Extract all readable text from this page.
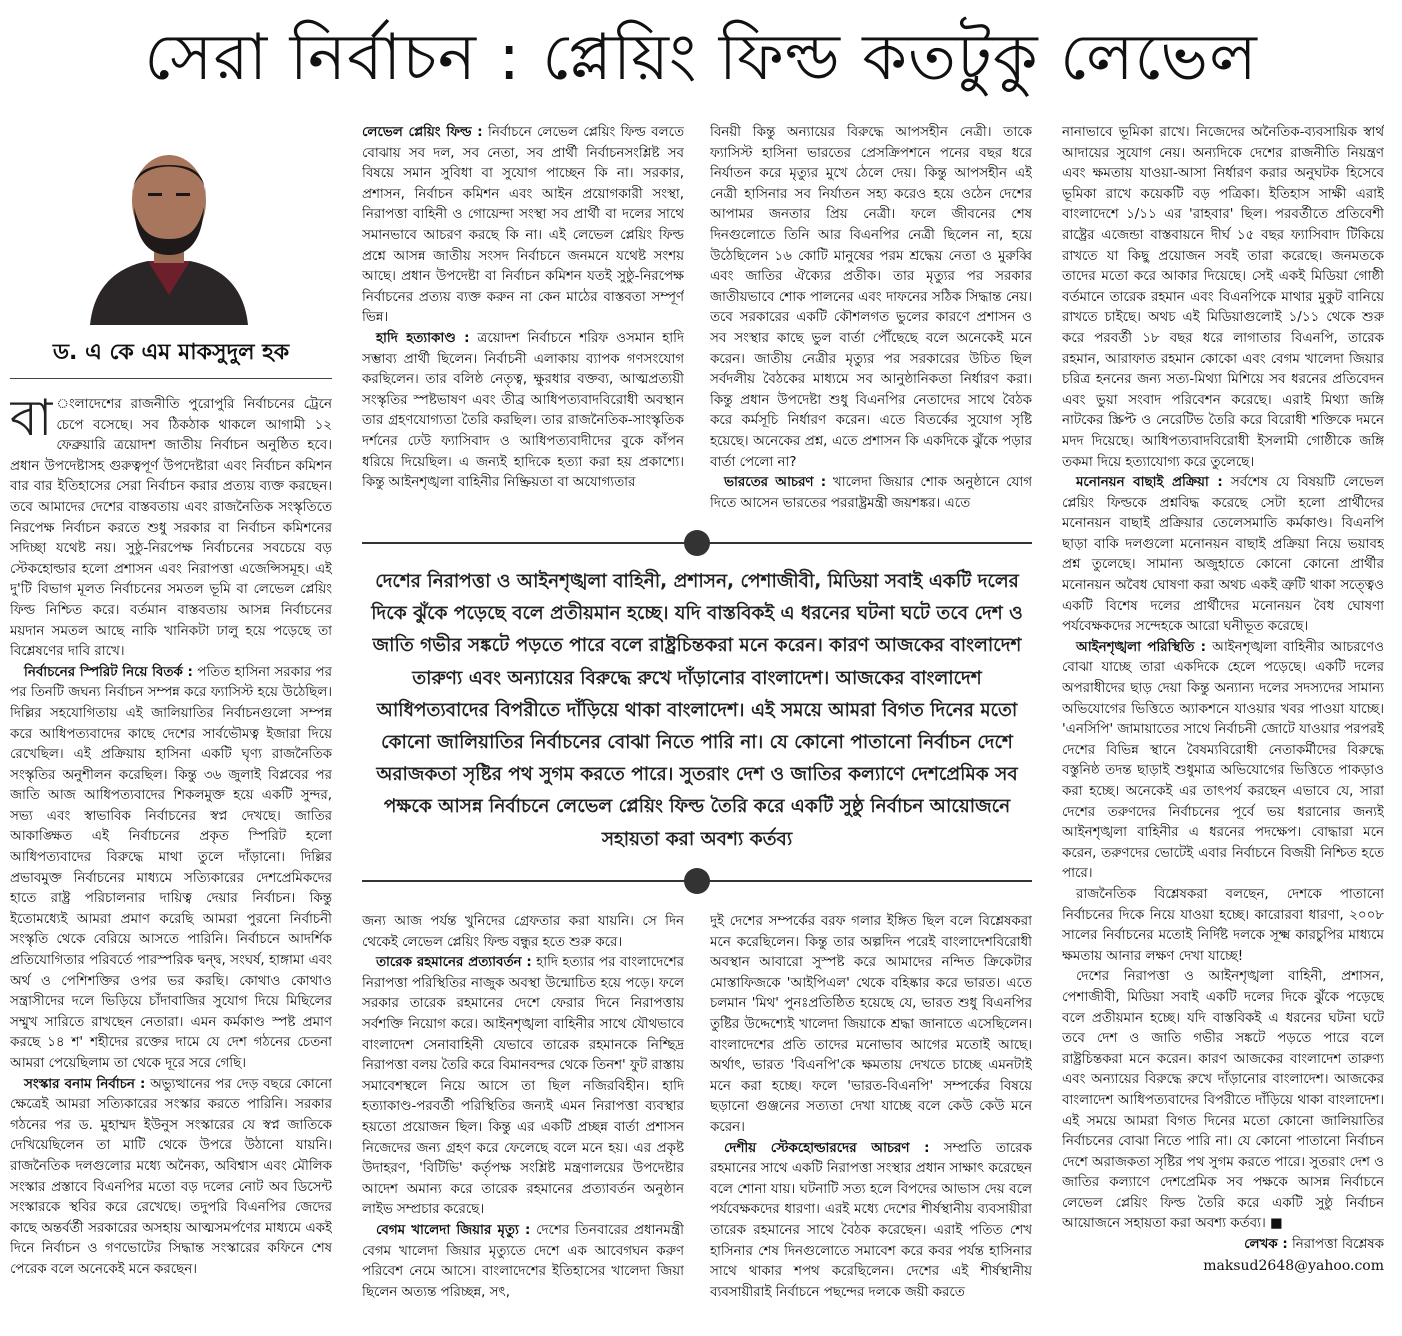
সেরা নির্বাচন : প্লেয়িং ফিল্ড কতটুকু লেভেল
ড. এ কে এম মাকসুদুল হক

বা ংলাদেশের রাজনীতি পুরোপুরি নির্বাচনের ট্রেনে চেপে বসেছে। সব ঠিকঠাক থাকলে আগামী ১২ ফেব্রুয়ারি ত্রয়োদশ জাতীয় নির্বাচন অনুষ্ঠিত হবে। প্রধান উপদেষ্টাসহ গুরুত্বপূর্ণ উপদেষ্টারা এবং নির্বাচন কমিশন বার বার ইতিহাসের সেরা নির্বাচন করার প্রত্যয় ব্যক্ত করছেন। তবে আমাদের দেশের বাস্তবতায় এবং রাজনৈতিক সংস্কৃতিতে নিরপেক্ষ নির্বাচন করতে শুধু সরকার বা নির্বাচন কমিশনের সদিচ্ছা যথেষ্ট নয়। সুষ্ঠু-নিরপেক্ষ নির্বাচনের সবচেয়ে বড় স্টেকহোল্ডার হলো প্রশাসন এবং নিরাপত্তা এজেন্সিসমূহ। এই দু'টি বিভাগ মূলত নির্বাচনের সমতল ভূমি বা লেভেল প্লেয়িং ফিল্ড নিশ্চিত করে। বর্তমান বাস্তবতায় আসন্ন নির্বাচনের ময়দান সমতল আছে নাকি খানিকটা ঢালু হয়ে পড়েছে তা বিশ্লেষণের দাবি রাখে।

নির্বাচনের স্পিরিট নিয়ে বিতর্ক : পতিত হাসিনা সরকার পর পর তিনটি জঘন্য নির্বাচন সম্পন্ন করে ফ্যাসিস্ট হয়ে উঠেছিল। দিল্লির সহযোগিতায় এই জালিয়াতির নির্বাচনগুলো সম্পন্ন করে আধিপত্যবাদের কাছে দেশের সার্বভৌমত্ব ইজারা দিয়ে রেখেছিল। এই প্রক্রিয়ায় হাসিনা একটি ঘৃণ্য রাজনৈতিক সংস্কৃতির অনুশীলন করেছিল। কিন্তু ৩৬ জুলাই বিপ্লবের পর জাতি আজ আধিপত্যবাদের শিকলমুক্ত হয়ে একটি সুন্দর, সভ্য এবং স্বাভাবিক নির্বাচনের স্বপ্ন দেখছে। জাতির আকাঙ্ক্ষিত এই নির্বাচনের প্রকৃত স্পিরিট হলো আধিপত্যবাদের বিরুদ্ধে মাথা তুলে দাঁড়ানো। দিল্লির প্রভাবমুক্ত নির্বাচনের মাধ্যমে সত্যিকারের দেশপ্রেমিকদের হাতে রাষ্ট্র পরিচালনার দায়িত্ব দেয়ার নির্বাচন। কিন্তু ইতোমধ্যেই আমরা প্রমাণ করেছি আমরা পুরনো নির্বাচনী সংস্কৃতি থেকে বেরিয়ে আসতে পারিনি। নির্বাচনে আদর্শিক প্রতিযোগিতার পরিবর্তে পারস্পরিক দ্বন্দ্ব, সংঘর্ষ, হাঙ্গামা এবং অর্থ ও পেশিশক্তির ওপর ভর করছি। কোথাও কোথাও সন্ত্রাসীদের দলে ভিড়িয়ে চাঁদাবাজির সুযোগ দিয়ে মিছিলের সম্মুখ সারিতে রাখছেন নেতারা। এমন কর্মকাণ্ড স্পষ্ট প্রমাণ করছে ১৪ শ' শহীদের রক্তের দামে যে দেশ গঠনের চেতনা আমরা পেয়েছিলাম তা থেকে দূরে সরে গেছি।

সংস্কার বনাম নির্বাচন : অভ্যুত্থানের পর দেড় বছরে কোনো ক্ষেত্রেই আমরা সত্যিকারের সংস্কার করতে পারিনি। সরকার গঠনের পর ড. মুহাম্মদ ইউনুস সংস্কারের যে স্বপ্ন জাতিকে দেখিয়েছিলেন তা মাটি থেকে উপরে উঠানো যায়নি। রাজনৈতিক দলগুলোর মধ্যে অনৈক্য, অবিশ্বাস এবং মৌলিক সংস্কার প্রস্তাবে বিএনপির মতো বড় দলের নোট অব ডিসেন্ট সংস্কারকে স্থবির করে রেখেছে। তদুপরি বিএনপির জেদের কাছে অন্তর্বর্তী সরকারের অসহায় আত্মসমর্পণের মাধ্যমে একই দিনে নির্বাচন ও গণভোটের সিদ্ধান্ত সংস্কারের কফিনে শেষ পেরেক বলে অনেকেই মনে করছেন।

লেভেল প্লেয়িং ফিল্ড : নির্বাচনে লেভেল প্লেয়িং ফিল্ড বলতে বোঝায় সব দল, সব নেতা, সব প্রার্থী নির্বাচনসংশ্লিষ্ট সব বিষয়ে সমান সুবিধা বা সুযোগ পাচ্ছেন কি না। সরকার, প্রশাসন, নির্বাচন কমিশন এবং আইন প্রয়োগকারী সংস্থা, নিরাপত্তা বাহিনী ও গোয়েন্দা সংস্থা সব প্রার্থী বা দলের সাথে সমানভাবে আচরণ করছে কি না। এই লেভেল প্লেয়িং ফিল্ড প্রশ্নে আসন্ন জাতীয় সংসদ নির্বাচনে জনমনে যথেষ্ট সংশয় আছে। প্রধান উপদেষ্টা বা নির্বাচন কমিশন যতই সুষ্ঠু-নিরপেক্ষ নির্বাচনের প্রত্যয় ব্যক্ত করুন না কেন মাঠের বাস্তবতা সম্পূর্ণ ভিন্ন।

হাদি হত্যাকাণ্ড : ত্রয়োদশ নির্বাচনে শরিফ ওসমান হাদি সম্ভাব্য প্রার্থী ছিলেন। নির্বাচনী এলাকায় ব্যাপক গণসংযোগ করছিলেন। তার বলিষ্ঠ নেতৃত্ব, ক্ষুরধার বক্তব্য, আত্মপ্রত্যয়ী সংস্কৃতির স্পষ্টভাষণ এবং তীব্র আধিপত্যবাদবিরোধী অবস্থান তার গ্রহণযোগ্যতা তৈরি করছিল। তার রাজনৈতিক-সাংস্কৃতিক দর্শনের ঢেউ ফ্যাসিবাদ ও আধিপত্যবাদীদের বুকে কাঁপন ধরিয়ে দিয়েছিল। এ জন্যই হাদিকে হত্যা করা হয় প্রকাশ্যে। কিন্তু আইনশৃঙ্খলা বাহিনীর নিষ্ক্রিয়তা বা অযোগ্যতার

বিনয়ী কিন্তু অন্যায়ের বিরুদ্ধে আপসহীন নেত্রী। তাকে ফ্যাসিস্ট হাসিনা ভারতের প্রেসক্রিপশনে পনের বছর ধরে নির্যাতন করে মৃত্যুর মুখে ঠেলে দেয়। কিন্তু আপসহীন এই নেত্রী হাসিনার সব নির্যাতন সহ্য করেও হয়ে ওঠেন দেশের আপামর জনতার প্রিয় নেত্রী। ফলে জীবনের শেষ দিনগুলোতে তিনি আর বিএনপির নেত্রী ছিলেন না, হয়ে উঠেছিলেন ১৬ কোটি মানুষের পরম শ্রদ্ধেয় নেতা ও মুরুব্বি এবং জাতির ঐক্যের প্রতীক। তার মৃত্যুর পর সরকার জাতীয়ভাবে শোক পালনের এবং দাফনের সঠিক সিদ্ধান্ত নেয়। তবে সরকারের একটি কৌশলগত ভুলের কারণে প্রশাসন ও সব সংস্থার কাছে ভুল বার্তা পৌঁছেছে বলে অনেকেই মনে করেন। জাতীয় নেত্রীর মৃত্যুর পর সরকারের উচিত ছিল সর্বদলীয় বৈঠকের মাধ্যমে সব আনুষ্ঠানিকতা নির্ধারণ করা। কিন্তু প্রধান উপদেষ্টা শুধু বিএনপির নেতাদের সাথে বৈঠক করে কর্মসূচি নির্ধারণ করেন। এতে বিতর্কের সুযোগ সৃষ্টি হয়েছে। অনেকের প্রশ্ন, এতে প্রশাসন কি একদিকে ঝুঁকে পড়ার বার্তা পেলো না?

ভারতের আচরণ : খালেদা জিয়ার শোক অনুষ্ঠানে যোগ দিতে আসেন ভারতের পররাষ্ট্রমন্ত্রী জয়শঙ্কর। এতে

দেশের নিরাপত্তা ও আইনশৃঙ্খলা বাহিনী, প্রশাসন, পেশাজীবী, মিডিয়া সবাই একটি দলের দিকে ঝুঁকে পড়েছে বলে প্রতীয়মান হচ্ছে। যদি বাস্তবিকই এ ধরনের ঘটনা ঘটে তবে দেশ ও জাতি গভীর সঙ্কটে পড়তে পারে বলে রাষ্ট্রচিন্তকরা মনে করেন। কারণ আজকের বাংলাদেশ তারুণ্য এবং অন্যায়ের বিরুদ্ধে রুখে দাঁড়ানোর বাংলাদেশ। আজকের বাংলাদেশ আধিপত্যবাদের বিপরীতে দাঁড়িয়ে থাকা বাংলাদেশ। এই সময়ে আমরা বিগত দিনের মতো কোনো জালিয়াতির নির্বাচনের বোঝা নিতে পারি না। যে কোনো পাতানো নির্বাচন দেশে অরাজকতা সৃষ্টির পথ সুগম করতে পারে। সুতরাং দেশ ও জাতির কল্যাণে দেশপ্রেমিক সব পক্ষকে আসন্ন নির্বাচনে লেভেল প্লেয়িং ফিল্ড তৈরি করে একটি সুষ্ঠু নির্বাচন আয়োজনে সহায়তা করা অবশ্য কর্তব্য

জন্য আজ পর্যন্ত খুনিদের গ্রেফতার করা যায়নি। সে দিন থেকেই লেভেল প্লেয়িং ফিল্ড বন্ধুর হতে শুরু করে।

তারেক রহমানের প্রত্যাবর্তন : হাদি হত্যার পর বাংলাদেশের নিরাপত্তা পরিস্থিতির নাজুক অবস্থা উন্মোচিত হয়ে পড়ে। ফলে সরকার তারেক রহমানের দেশে ফেরার দিনে নিরাপত্তায় সর্বশক্তি নিয়োগ করে। আইনশৃঙ্খলা বাহিনীর সাথে যৌথভাবে বাংলাদেশ সেনাবাহিনী যেভাবে তারেক রহমানকে নিশ্ছিদ্র নিরাপত্তা বলয় তৈরি করে বিমানবন্দর থেকে তিনশ' ফুট রাস্তায় সমাবেশস্থলে নিয়ে আসে তা ছিল নজিরবিহীন। হাদি হত্যাকাণ্ড-পরবর্তী পরিস্থিতির জন্যই এমন নিরাপত্তা ব্যবস্থার হয়তো প্রয়োজন ছিল। কিন্তু এর একটি প্রচ্ছন্ন বার্তা প্রশাসন নিজেদের জন্য গ্রহণ করে ফেলেছে বলে মনে হয়। এর প্রকৃষ্ট উদাহরণ, 'বিটিভি' কর্তৃপক্ষ সংশ্লিষ্ট মন্ত্রণালয়ের উপদেষ্টার আদেশ অমান্য করে তারেক রহমানের প্রত্যাবর্তন অনুষ্ঠান লাইভ সম্প্রচার করেছে।

বেগম খালেদা জিয়ার মৃত্যু : দেশের তিনবারের প্রধানমন্ত্রী বেগম খালেদা জিয়ার মৃত্যুতে দেশে এক আবেগঘন করুণ পরিবেশ নেমে আসে। বাংলাদেশের ইতিহাসের খালেদা জিয়া ছিলেন অত্যন্ত পরিচ্ছন্ন, সৎ,

দুই দেশের সম্পর্কের বরফ গলার ইঙ্গিত ছিল বলে বিশ্লেষকরা মনে করেছিলেন। কিন্তু তার অল্পদিন পরেই বাংলাদেশবিরোধী অবস্থান আবারো সুস্পষ্ট করে আমাদের নন্দিত ক্রিকেটার মোস্তাফিজকে 'আইপিএল' থেকে বহিষ্কার করে ভারত। এতে চলমান 'মিথ' পুনঃপ্রতিষ্ঠিত হয়েছে যে, ভারত শুধু বিএনপির তুষ্টির উদ্দেশ্যেই খালেদা জিয়াকে শ্রদ্ধা জানাতে এসেছিলেন। বাংলাদেশের প্রতি তাদের মনোভাব আগের মতোই আছে। অর্থাৎ, ভারত 'বিএনপি'কে ক্ষমতায় দেখতে চাচ্ছে এমনটাই মনে করা হচ্ছে। ফলে 'ভারত-বিএনপি' সম্পর্কের বিষয়ে ছড়ানো গুঞ্জনের সত্যতা দেখা যাচ্ছে বলে কেউ কেউ মনে করেন।

দেশীয় স্টেকহোল্ডারদের আচরণ : সম্প্রতি তারেক রহমানের সাথে একটি নিরাপত্তা সংস্থার প্রধান সাক্ষাৎ করেছেন বলে শোনা যায়। ঘটনাটি সত্য হলে বিপদের আভাস দেয় বলে পর্যবেক্ষকদের ধারণা। এরই মধ্যে দেশের শীর্ষস্থানীয় ব্যবসায়ীরা তারেক রহমানের সাথে বৈঠক করেছেন। এরাই পতিত শেখ হাসিনার শেষ দিনগুলোতে সমাবেশ করে কবর পর্যন্ত হাসিনার সাথে থাকার শপথ করেছিলেন। দেশের এই শীর্ষস্থানীয় ব্যবসায়ীরাই নির্বাচনে পছন্দের দলকে জয়ী করতে

নানাভাবে ভূমিকা রাখে। নিজেদের অনৈতিক-ব্যবসায়িক স্বার্থ আদায়ের সুযোগ নেয়। অন্যদিকে দেশের রাজনীতি নিয়ন্ত্রণ এবং ক্ষমতায় যাওয়া-আসা নির্ধারণ করার অনুঘটক হিসেবে ভূমিকা রাখে কয়েকটি বড় পত্রিকা। ইতিহাস সাক্ষী এরাই বাংলাদেশে ১/১১ এর 'রাহবার' ছিল। পরবর্তীতে প্রতিবেশী রাষ্ট্রের এজেন্ডা বাস্তবায়নে দীর্ঘ ১৫ বছর ফ্যাসিবাদ টিকিয়ে রাখতে যা কিছু প্রয়োজন সবই তারা করেছে। জনমতকে তাদের মতো করে আকার দিয়েছে। সেই একই মিডিয়া গোষ্ঠী বর্তমানে তারেক রহমান এবং বিএনপিকে মাথার মুকুট বানিয়ে রাখতে চাইছে। অথচ এই মিডিয়াগুলোই ১/১১ থেকে শুরু করে পরবর্তী ১৮ বছর ধরে লাগাতার বিএনপি, তারেক রহমান, আরাফাত রহমান কোকো এবং বেগম খালেদা জিয়ার চরিত্র হননের জন্য সত্য-মিথ্যা মিশিয়ে সব ধরনের প্রতিবেদন এবং ভুয়া সংবাদ পরিবেশন করেছে। এরাই মিথ্যা জঙ্গি নাটকের স্ক্রিপ্ট ও নেরেটিভ তৈরি করে বিরোধী শক্তিকে দমনে মদদ দিয়েছে। আধিপত্যবাদবিরোধী ইসলামী গোষ্ঠীকে জঙ্গি তকমা দিয়ে হত্যাযোগ্য করে তুলেছে।

মনোনয়ন বাছাই প্রক্রিয়া : সর্বশেষ যে বিষয়টি লেভেল প্লেয়িং ফিল্ডকে প্রশ্নবিদ্ধ করেছে সেটা হলো প্রার্থীদের মনোনয়ন বাছাই প্রক্রিয়ার তেলেসমাতি কর্মকাণ্ড। বিএনপি ছাড়া বাকি দলগুলো মনোনয়ন বাছাই প্রক্রিয়া নিয়ে ভয়াবহ প্রশ্ন তুলেছে। সামান্য অজুহাতে কোনো কোনো প্রার্থীর মনোনয়ন অবৈধ ঘোষণা করা অথচ একই ত্রুটি থাকা সত্ত্বেও একটি বিশেষ দলের প্রার্থীদের মনোনয়ন বৈধ ঘোষণা পর্যবেক্ষকদের সন্দেহকে আরো ঘনীভূত করেছে।

আইনশৃঙ্খলা পরিস্থিতি : আইনশৃঙ্খলা বাহিনীর আচরণেও বোঝা যাচ্ছে তারা একদিকে হেলে পড়েছে। একটি দলের অপরাধীদের ছাড় দেয়া কিন্তু অন্যান্য দলের সদস্যদের সামান্য অভিযোগের ভিত্তিতে অ্যাকশনে যাওয়ার খবর পাওয়া যাচ্ছে। 'এনসিপি' জামায়াতের সাথে নির্বাচনী জোটে যাওয়ার পরপরই দেশের বিভিন্ন স্থানে বৈষম্যবিরোধী নেতাকর্মীদের বিরুদ্ধে বস্তুনিষ্ঠ তদন্ত ছাড়াই শুধুমাত্র অভিযোগের ভিত্তিতে পাকড়াও করা হচ্ছে। অনেকেই এর তাৎপর্য করছেন এভাবে যে, সারা দেশের তরুণদের নির্বাচনের পূর্বে ভয় ধরানোর জন্যই আইনশৃঙ্খলা বাহিনীর এ ধরনের পদক্ষেপ। বোদ্ধারা মনে করেন, তরুণদের ভোটেই এবার নির্বাচনে বিজয়ী নিশ্চিত হতে পারে।

রাজনৈতিক বিশ্লেষকরা বলছেন, দেশকে পাতানো নির্বাচনের দিকে নিয়ে যাওয়া হচ্ছে। কারোরবা ধারণা, ২০০৮ সালের নির্বাচনের মতোই নির্দিষ্ট দলকে সূক্ষ্ম কারচুপির মাধ্যমে ক্ষমতায় আনার লক্ষণ দেখা যাচ্ছে!

দেশের নিরাপত্তা ও আইনশৃঙ্খলা বাহিনী, প্রশাসন, পেশাজীবী, মিডিয়া সবাই একটি দলের দিকে ঝুঁকে পড়েছে বলে প্রতীয়মান হচ্ছে। যদি বাস্তবিকই এ ধরনের ঘটনা ঘটে তবে দেশ ও জাতি গভীর সঙ্কটে পড়তে পারে বলে রাষ্ট্রচিন্তকরা মনে করেন। কারণ আজকের বাংলাদেশ তারুণ্য এবং অন্যায়ের বিরুদ্ধে রুখে দাঁড়ানোর বাংলাদেশ। আজকের বাংলাদেশ আধিপত্যবাদের বিপরীতে দাঁড়িয়ে থাকা বাংলাদেশ। এই সময়ে আমরা বিগত দিনের মতো কোনো জালিয়াতির নির্বাচনের বোঝা নিতে পারি না। যে কোনো পাতানো নির্বাচন দেশে অরাজকতা সৃষ্টির পথ সুগম করতে পারে। সুতরাং দেশ ও জাতির কল্যাণে দেশপ্রেমিক সব পক্ষকে আসন্ন নির্বাচনে লেভেল প্লেয়িং ফিল্ড তৈরি করে একটি সুষ্ঠু নির্বাচন আয়োজনে সহায়তা করা অবশ্য কর্তব্য। ■

লেখক : নিরাপত্তা বিশ্লেষক
maksud2648@yahoo.com
